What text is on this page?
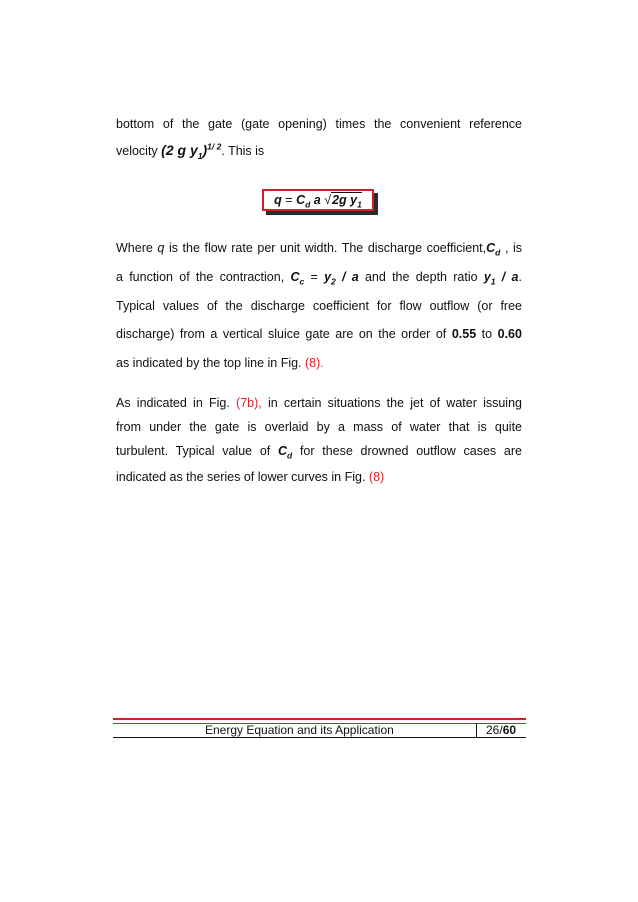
bottom of the gate (gate opening) times the convenient reference
velocity (2 g $y_1)^{1/ 2}$. This is
$q = C_d$ a √2g $y_1$
Where q is the flow rate per unit width. The discharge $coefficient,C_d$ , is
a function of the contraction, $C_c = y_2 / a$ and the depth ratio $y_1$ / a.
Typical values of the discharge coefficient for flow outflow (or free
discharge) from a vertical sluice gate are on the order of 0.55 to 0.60
as indicated by the top line in Fig. (8).
As indicated in Fig. (7b), in certain situations the jet of water issuing
from under the gate is overlaid by a mass of water that is quite
turbulent. Typical value of $C_d$ for these drowned outflow cases are
indicated as the series of lower curves in Fig. (8)
Energy Equation and its Application	26/60
